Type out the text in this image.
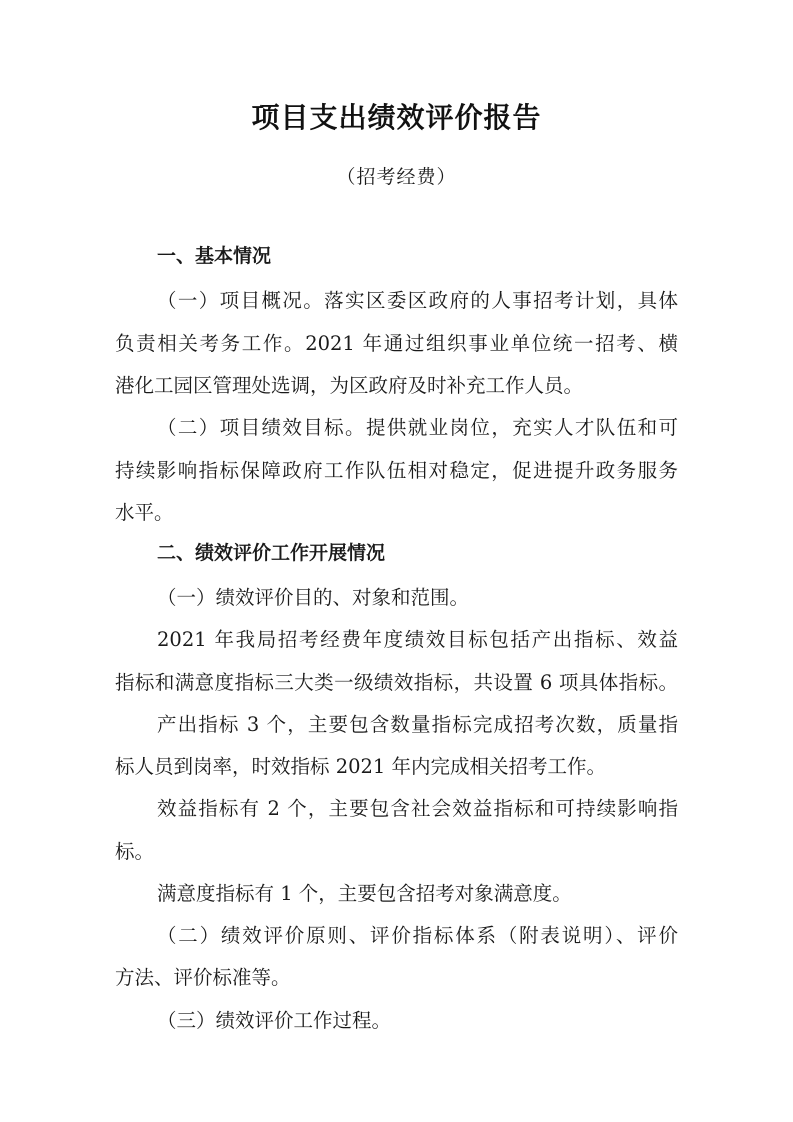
项目支出绩效评价报告
（招考经费）
一、基本情况
（一）项目概况。落实区委区政府的人事招考计划，具体
负责相关考务工作。2021 年通过组织事业单位统一招考、横
港化工园区管理处选调，为区政府及时补充工作人员。
（二）项目绩效目标。提供就业岗位，充实人才队伍和可
持续影响指标保障政府工作队伍相对稳定，促进提升政务服务
水平。
二、绩效评价工作开展情况
（一）绩效评价目的、对象和范围。
2021 年我局招考经费年度绩效目标包括产出指标、效益
指标和满意度指标三大类一级绩效指标，共设置 6 项具体指标。
产出指标 3 个，主要包含数量指标完成招考次数，质量指
标人员到岗率，时效指标 2021 年内完成相关招考工作。
效益指标有 2 个，主要包含社会效益指标和可持续影响指
标。
满意度指标有 1 个，主要包含招考对象满意度。
（二）绩效评价原则、评价指标体系（附表说明）、评价
方法、评价标准等。
（三）绩效评价工作过程。
